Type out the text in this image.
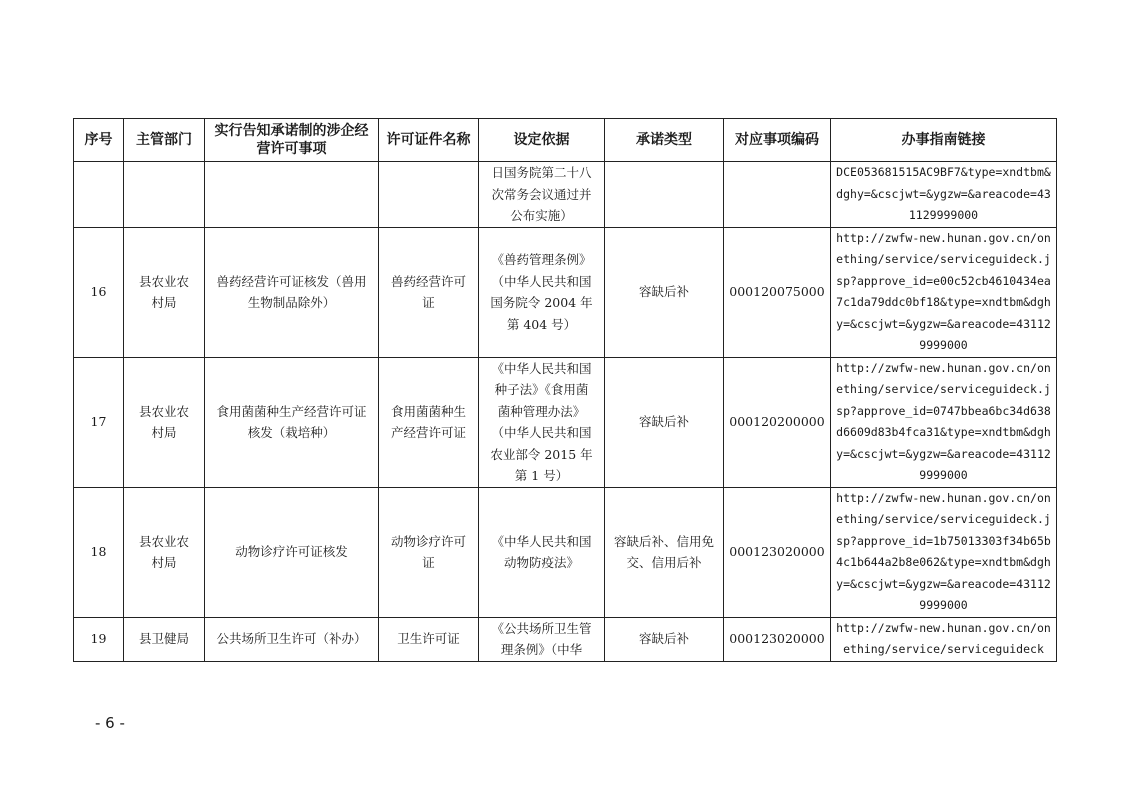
序号	主管部门	实行告知承诺制的涉企经营许可事项	许可证件名称	设定依据	承诺类型	对应事项编码	办事指南链接
				日国务院第二十八次常务会议通过并公布实施）			DCE053681515AC9BF7&type=xndtbm&dghy=&cscjwt=&ygzw=&areacode=431129999000
16	县农业农村局	兽药经营许可证核发（兽用生物制品除外）	兽药经营许可证	《兽药管理条例》（中华人民共和国国务院令 2004 年第 404 号）	容缺后补	000120075000	http://zwfw-new.hunan.gov.cn/onething/service/serviceguideck.jsp?approve_id=e00c52cb4610434ea7c1da79ddc0bf18&type=xndtbm&dghy=&cscjwt=&ygzw=&areacode=431129999000
17	县农业农村局	食用菌菌种生产经营许可证核发（栽培种）	食用菌菌种生产经营许可证	《中华人民共和国种子法》《食用菌菌种管理办法》（中华人民共和国农业部令 2015 年第 1 号）	容缺后补	000120200000	http://zwfw-new.hunan.gov.cn/onething/service/serviceguideck.jsp?approve_id=0747bbea6bc34d638d6609d83b4fca31&type=xndtbm&dghy=&cscjwt=&ygzw=&areacode=431129999000
18	县农业农村局	动物诊疗许可证核发	动物诊疗许可证	《中华人民共和国动物防疫法》	容缺后补、信用免交、信用后补	000123020000	http://zwfw-new.hunan.gov.cn/onething/service/serviceguideck.jsp?approve_id=1b75013303f34b65b4c1b644a2b8e062&type=xndtbm&dghy=&cscjwt=&ygzw=&areacode=431129999000
19	县卫健局	公共场所卫生许可（补办）	卫生许可证	《公共场所卫生管理条例》（中华	容缺后补	000123020000	http://zwfw-new.hunan.gov.cn/onething/service/serviceguideck
- 6 -
